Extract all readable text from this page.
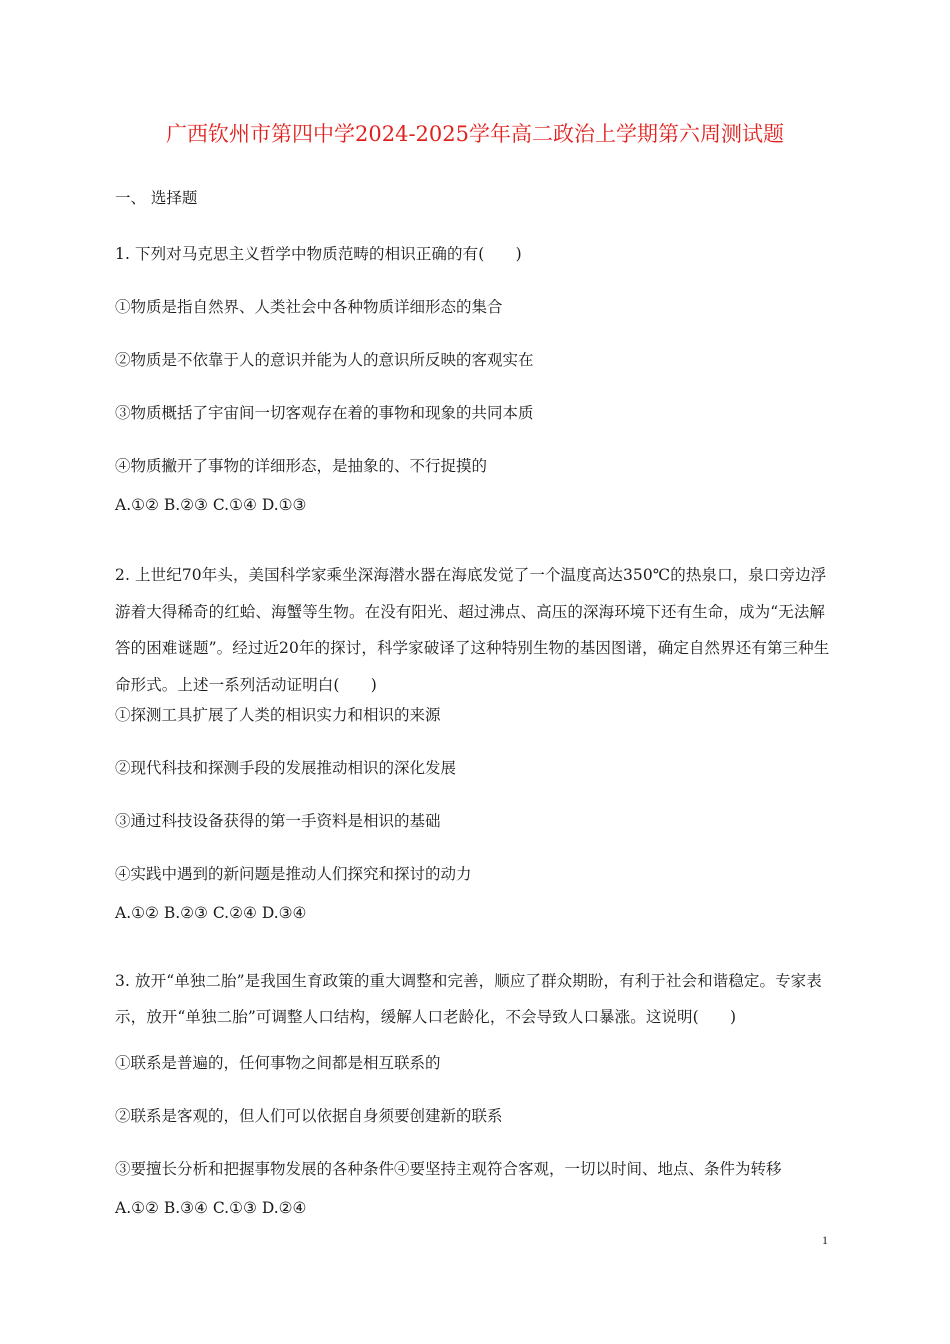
广西钦州市第四中学2024-2025学年高二政治上学期第六周测试题
一、 选择题

1. 下列对马克思主义哲学中物质范畴的相识正确的有(　　)

①物质是指自然界、人类社会中各种物质详细形态的集合

②物质是不依靠于人的意识并能为人的意识所反映的客观实在

③物质概括了宇宙间一切客观存在着的事物和现象的共同本质

④物质撇开了事物的详细形态，是抽象的、不行捉摸的

A.①② B.②③ C.①④ D.①③

2. 上世纪70年头，美国科学家乘坐深海潜水器在海底发觉了一个温度高达350℃的热泉口，泉口旁边浮游着大得稀奇的红蛤、海蟹等生物。在没有阳光、超过沸点、高压的深海环境下还有生命，成为“无法解答的困难谜题”。经过近20年的探讨，科学家破译了这种特别生物的基因图谱，确定自然界还有第三种生命形式。上述一系列活动证明白(　　)

①探测工具扩展了人类的相识实力和相识的来源

②现代科技和探测手段的发展推动相识的深化发展

③通过科技设备获得的第一手资料是相识的基础

④实践中遇到的新问题是推动人们探究和探讨的动力

A.①② B.②③ C.②④ D.③④

3. 放开“单独二胎”是我国生育政策的重大调整和完善，顺应了群众期盼，有利于社会和谐稳定。专家表示，放开“单独二胎”可调整人口结构，缓解人口老龄化，不会导致人口暴涨。这说明(　　)

①联系是普遍的，任何事物之间都是相互联系的

②联系是客观的，但人们可以依据自身须要创建新的联系

③要擅长分析和把握事物发展的各种条件④要坚持主观符合客观，一切以时间、地点、条件为转移

A.①② B.③④ C.①③ D.②④

1
